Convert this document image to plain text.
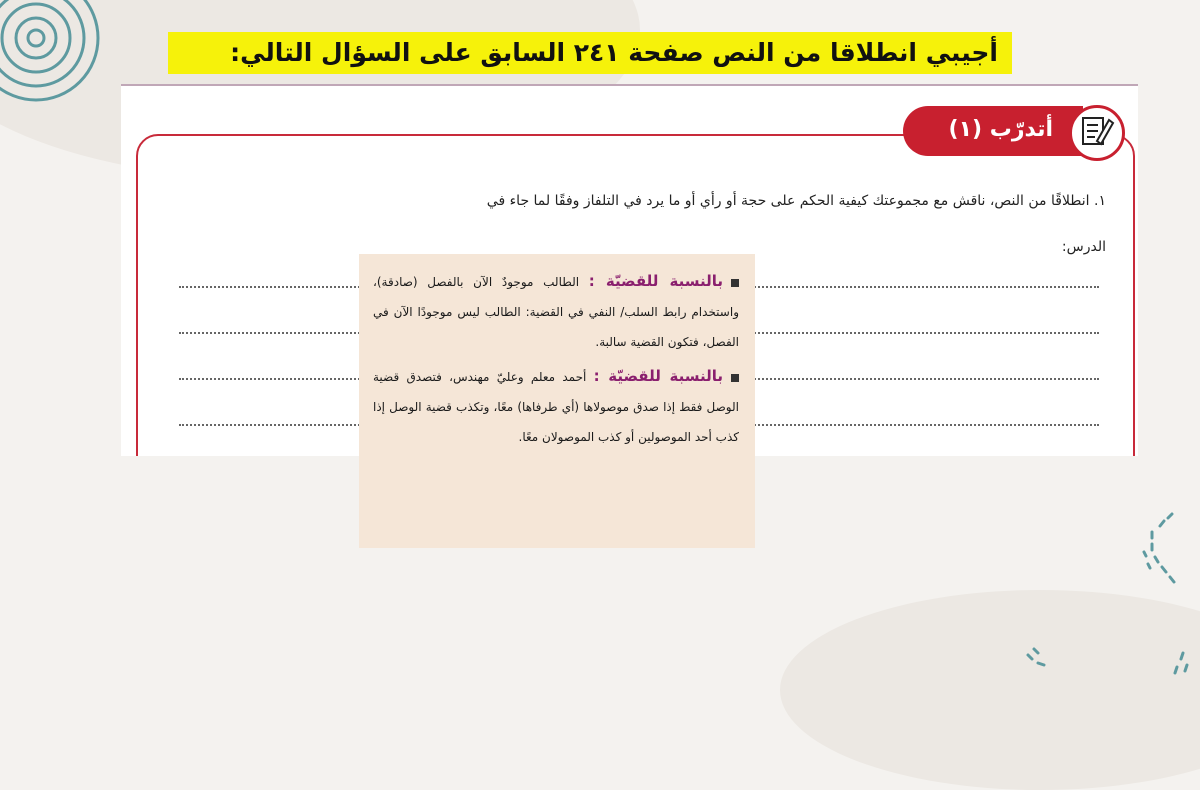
أجيبي انطلاقا من النص صفحة ٢٤١ السابق على السؤال التالي:
أتدرّب (١)
١. انطلاقًا من النص، ناقش مع مجموعتك كيفية الحكم على حجة أو رأي أو ما يرد في التلفاز وفقًا لما جاء في
الدرس:

بالنسبة للقضيّة : الطالب موجودٌ الآن بالفصل (صادقة)، واستخدام رابط السلب/ النفي في القضية: الطالب ليس موجودًا الآن في الفصل، فتكون القضية سالبة.

بالنسبة للقضيّة : أحمد معلم وعليّ مهندس، فتصدق قضية الوصل فقط إذا صدق موصولاها (أي طرفاها) معًا، وتكذب قضية الوصل إذا كذب أحد الموصولين أو كذب الموصولان معًا.
